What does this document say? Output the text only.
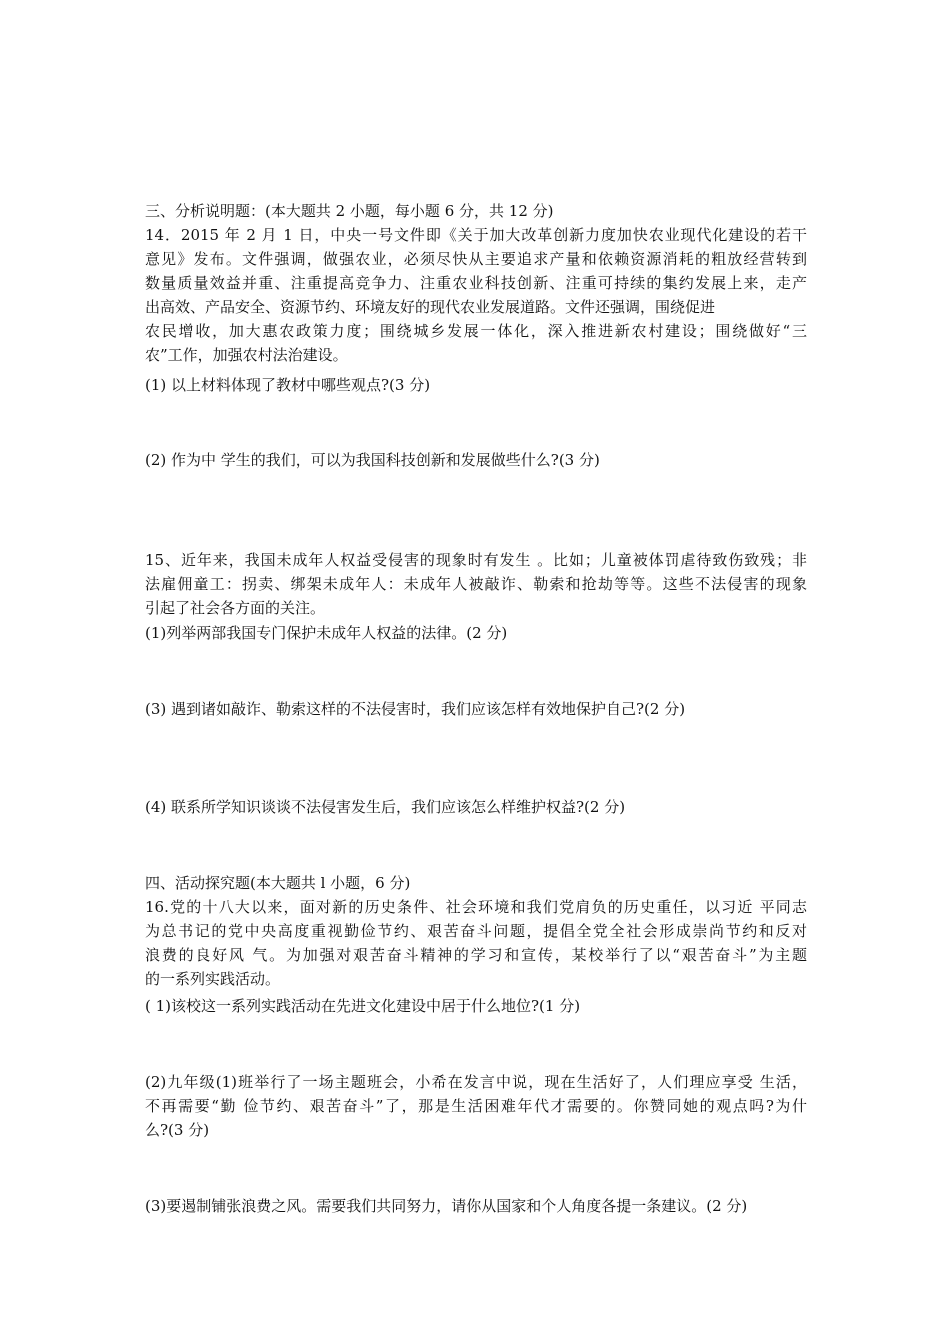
三、分析说明题：(本大题共 2 小题，每小题 6 分，共 12 分)
14．2015 年 2 月 1 日，中央一号文件即《关于加大改革创新力度加快农业现代化建设的若干
意见》发布。文件强调，做强农业，必须尽快从主要追求产量和依赖资源消耗的粗放经营转到
数量质量效益并重、注重提高竞争力、注重农业科技创新、注重可持续的集约发展上来，走产
出高效、产品安全、资源节约、环境友好的现代农业发展道路。文件还强调，围绕促进
农民增收，加大惠农政策力度；围绕城乡发展一体化，深入推进新农村建设；围绕做好“三
农”工作，加强农村法治建设。
(1) 以上材料体现了教材中哪些观点?(3 分)
(2) 作为中 学生的我们，可以为我国科技创新和发展做些什么?(3 分)
15、近年来，我国未成年人权益受侵害的现象时有发生 。比如；儿童被体罚虐待致伤致残；非
法雇佣童工：拐卖、绑架未成年人：未成年人被敲诈、勒索和抢劫等等。这些不法侵害的现象
引起了社会各方面的关注。
(1)列举两部我国专门保护未成年人权益的法律。(2 分)
(3) 遇到诸如敲诈、勒索这样的不法侵害时，我们应该怎样有效地保护自己?(2 分)
(4) 联系所学知识谈谈不法侵害发生后，我们应该怎么样维护权益?(2 分)
四、活动探究题(本大题共 l 小题，6 分)
16.党的十八大以来，面对新的历史条件、社会环境和我们党肩负的历史重任，以习近 平同志
为总书记的党中央高度重视勤俭节约、艰苦奋斗问题，提倡全党全社会形成崇尚节约和反对
浪费的良好风 气。为加强对艰苦奋斗精神的学习和宣传，某校举行了以“艰苦奋斗”为主题
的一系列实践活动。
( 1)该校这一系列实践活动在先进文化建设中居于什么地位?(1 分)
(2)九年级(1)班举行了一场主题班会，小希在发言中说，现在生活好了，人们理应享受 生活，
不再需要“勤 俭节约、艰苦奋斗”了，那是生活困难年代才需要的。你赞同她的观点吗?为什
么?(3 分)
(3)要遏制铺张浪费之风。需要我们共同努力，请你从国家和个人角度各提一条建议。(2 分)
